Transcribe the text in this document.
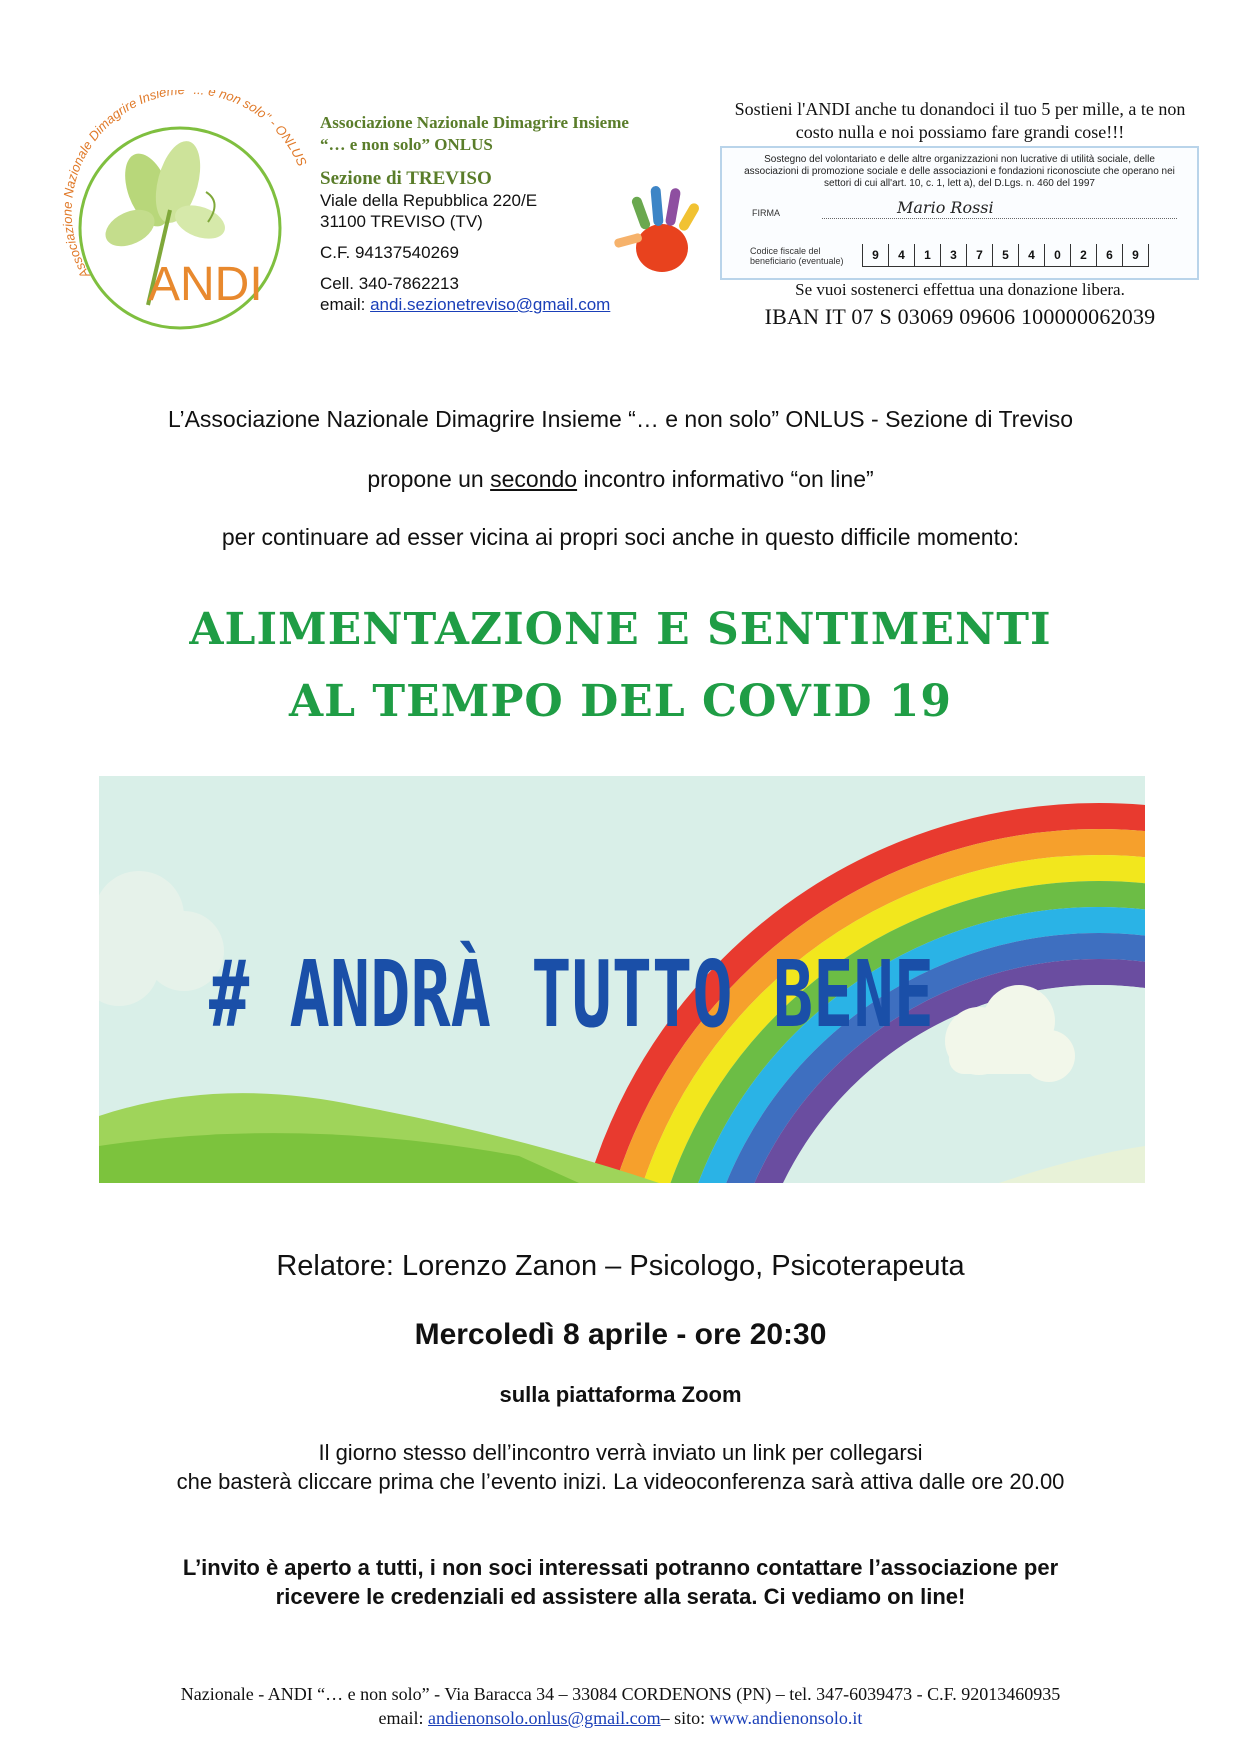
Associazione Nazionale Dimagrire Insiem . e non solo" - ONLUS
ANDI
Associazione Nazionale Dimagrire Insieme
“… e non solo” ONLUS
Sezione di TREVISO
Viale della Repubblica 220/E
31100 TREVISO (TV)
C.F. 94137540269
Cell. 340-7862213
email: andi.sezionetreviso@gmail.com
Sostieni l'ANDI anche tu donandoci il tuo 5 per mille, a te non costo nulla e noi possiamo fare grandi cose!!!
Sostegno del volontariato e delle altre organizzazioni non lucrative di utilità sociale, delle associazioni di promozione sociale e delle associazioni e fondazioni riconosciute che operano nei settori di cui all'art. 10, c. 1, lett a), del D.Lgs. n. 460 del 1997
FIRMA	Mario Rossi
Codice fiscale del beneficiario (eventuale)	9	4	1	3	7	5	4	0	2	6	9
Se vuoi sostenerci effettua una donazione libera.
IBAN IT 07 S 03069 09606 100000062039
L’Associazione Nazionale Dimagrire Insieme “… e non solo” ONLUS - Sezione di Treviso
propone un secondo incontro informativo “on line”
per continuare ad esser vicina ai propri soci anche in questo difficile momento:
ALIMENTAZIONE E SENTIMENTI
AL TEMPO DEL COVID 19
# ANDRÀ TUTTO BENE
Relatore: Lorenzo Zanon – Psicologo, Psicoterapeuta
Mercoledì 8 aprile - ore 20:30
sulla piattaforma Zoom
Il giorno stesso dell’incontro verrà inviato un link per collegarsi
che basterà cliccare prima che l’evento inizi. La videoconferenza sarà attiva dalle ore 20.00
L’invito è aperto a tutti, i non soci interessati potranno contattare l’associazione per
ricevere le credenziali ed assistere alla serata. Ci vediamo on line!
Nazionale - ANDI “… e non solo” - Via Baracca 34 – 33084 CORDENONS (PN) – tel. 347-6039473 - C.F. 92013460935
email: andienonsolo.onlus@gmail.com– sito: www.andienonsolo.it
